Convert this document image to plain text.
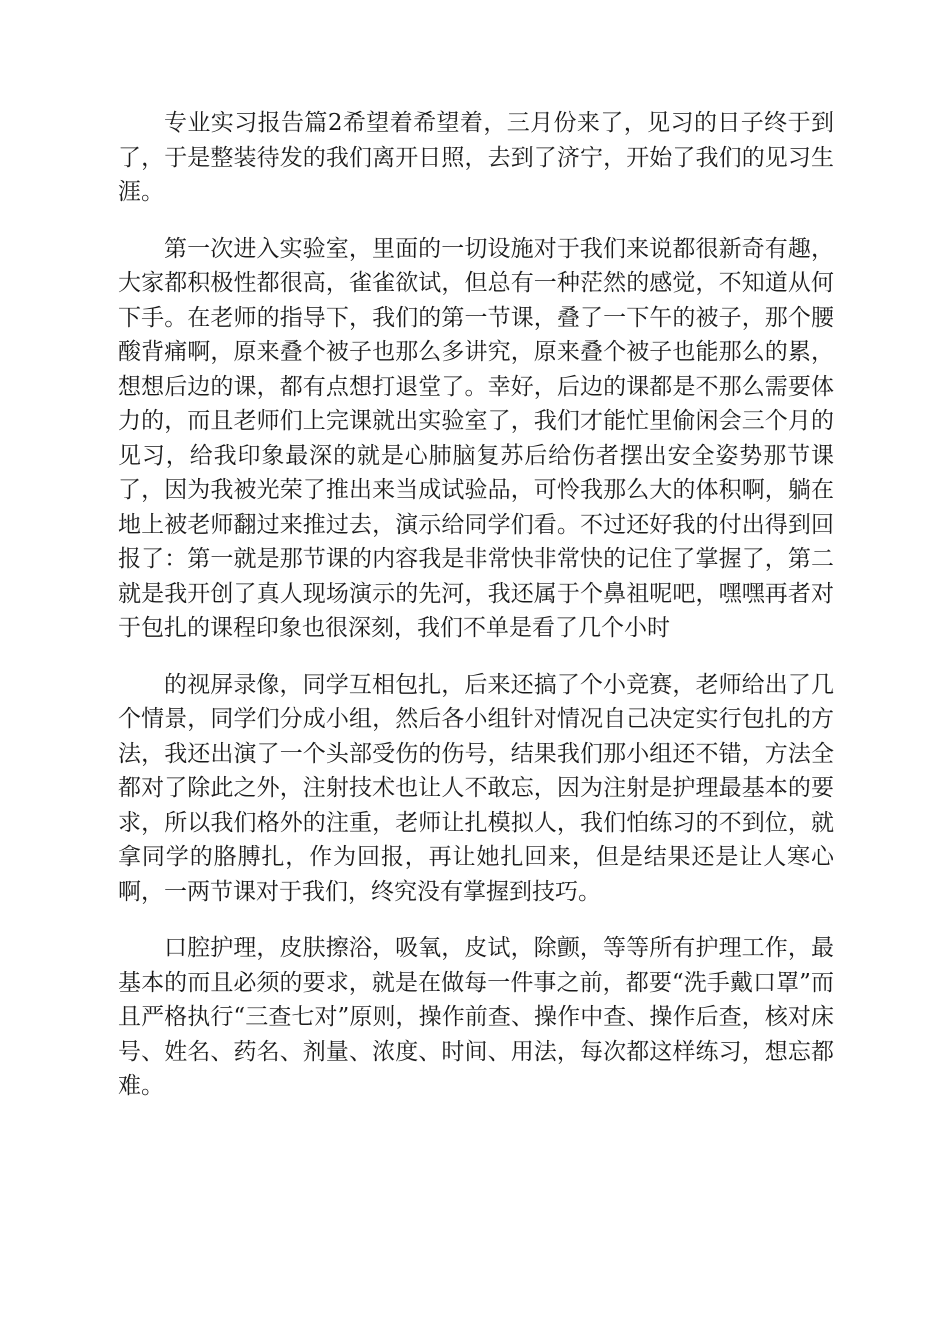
专业实习报告篇2希望着希望着，三月份来了，见习的日子终于到了，于是整装待发的我们离开日照，去到了济宁，开始了我们的见习生涯。

第一次进入实验室，里面的一切设施对于我们来说都很新奇有趣，大家都积极性都很高，雀雀欲试，但总有一种茫然的感觉，不知道从何下手。在老师的指导下，我们的第一节课，叠了一下午的被子，那个腰酸背痛啊，原来叠个被子也那么多讲究，原来叠个被子也能那么的累，想想后边的课，都有点想打退堂了。幸好，后边的课都是不那么需要体力的，而且老师们上完课就出实验室了，我们才能忙里偷闲会三个月的见习，给我印象最深的就是心肺脑复苏后给伤者摆出安全姿势那节课了，因为我被光荣了推出来当成试验品，可怜我那么大的体积啊，躺在地上被老师翻过来推过去，演示给同学们看。不过还好我的付出得到回报了：第一就是那节课的内容我是非常快非常快的记住了掌握了，第二就是我开创了真人现场演示的先河，我还属于个鼻祖呢吧，嘿嘿再者对于包扎的课程印象也很深刻，我们不单是看了几个小时

的视屏录像，同学互相包扎，后来还搞了个小竞赛，老师给出了几个情景，同学们分成小组，然后各小组针对情况自己决定实行包扎的方法，我还出演了一个头部受伤的伤号，结果我们那小组还不错，方法全都对了除此之外，注射技术也让人不敢忘，因为注射是护理最基本的要求，所以我们格外的注重，老师让扎模拟人，我们怕练习的不到位，就拿同学的胳膊扎，作为回报，再让她扎回来，但是结果还是让人寒心啊，一两节课对于我们，终究没有掌握到技巧。

口腔护理，皮肤擦浴，吸氧，皮试，除颤，等等所有护理工作，最基本的而且必须的要求，就是在做每一件事之前，都要“洗手戴口罩”而且严格执行“三查七对”原则，操作前查、操作中查、操作后查，核对床号、姓名、药名、剂量、浓度、时间、用法，每次都这样练习，想忘都难。
